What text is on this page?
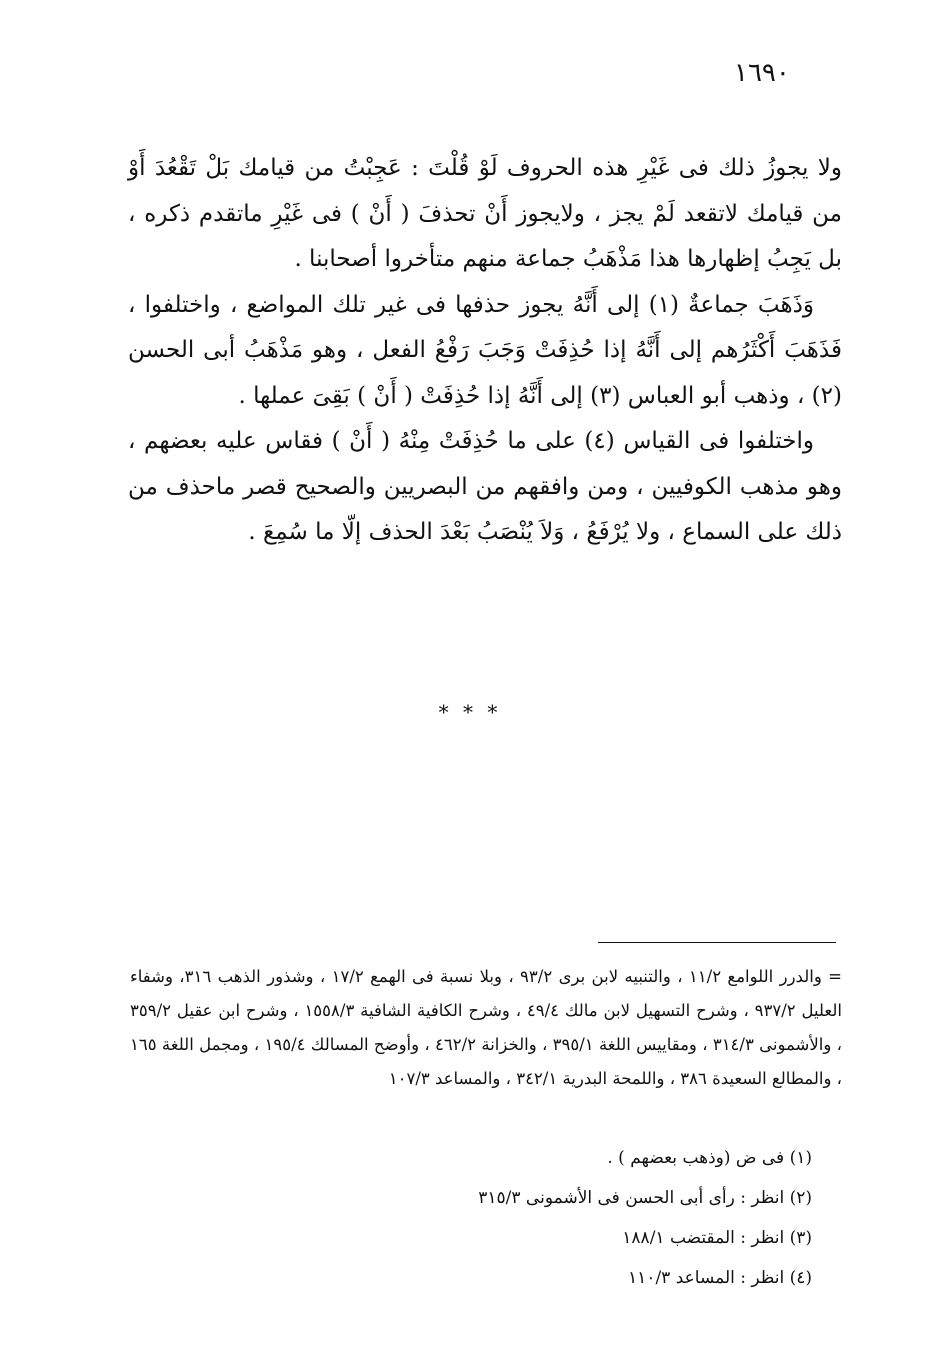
١٦٩٠

ولا يجوزُ ذلك فى غَيْرِ هذه الحروف لَوْ قُلْتَ : عَجِبْتُ من قيامك بَلْ تَقْعُدَ أَوْ من قيامك لاتقعد لَمْ يجز ، ولايجوز أَنْ تحذفَ ( أَنْ ) فى غَيْرِ ماتقدم ذكره ، بل يَجِبُ إظهارها هذا مَذْهَبُ جماعة منهم متأخروا أصحابنا .

وَذَهَبَ جماعةٌ (١) إلى أَنَّهُ يجوز حذفها فى غير تلك المواضع ، واختلفوا ، فَذَهَبَ أَكْثَرُهم إلى أَنَّهُ إذا حُذِفَتْ وَجَبَ رَفْعُ الفعل ، وهو مَذْهَبُ أبى الحسن (٢) ، وذهب أبو العباس (٣) إلى أَنَّهُ إذا حُذِفَتْ ( أَنْ ) بَقِىَ عملها .

واختلفوا فى القياس (٤) على ما حُذِفَتْ مِنْهُ ( أَنْ ) فقاس عليه بعضهم ، وهو مذهب الكوفيين ، ومن وافقهم من البصريين والصحيح قصر ماحذف من ذلك على السماع ، ولا يُرْفَعُ ، وَلاَ يُنْصَبُ بَعْدَ الحذف إلّا ما سُمِعَ .

* * *
= والدرر اللوامع ١١/٢ ، والتنبيه لابن برى ٩٣/٢ ، وبلا نسبة فى الهمع ١٧/٢ ، وشذور الذهب ٣١٦، وشفاء العليل ٩٣٧/٢ ، وشرح التسهيل لابن مالك ٤٩/٤ ، وشرح الكافية الشافية ١٥٥٨/٣ ، وشرح ابن عقيل ٣٥٩/٢ ، والأشمونى ٣١٤/٣ ، ومقاييس اللغة ٣٩٥/١ ، والخزانة ٤٦٢/٢ ، وأوضح المسالك ١٩٥/٤ ، ومجمل اللغة ١٦٥ ، والمطالع السعيدة ٣٨٦ ، واللمحة البدرية ٣٤٢/١ ، والمساعد ١٠٧/٣
(١) فى ض (وذهب بعضهم ) .
(٢) انظر : رأى أبى الحسن فى الأشمونى ٣١٥/٣
(٣) انظر : المقتضب ١٨٨/١
(٤) انظر : المساعد ١١٠/٣
